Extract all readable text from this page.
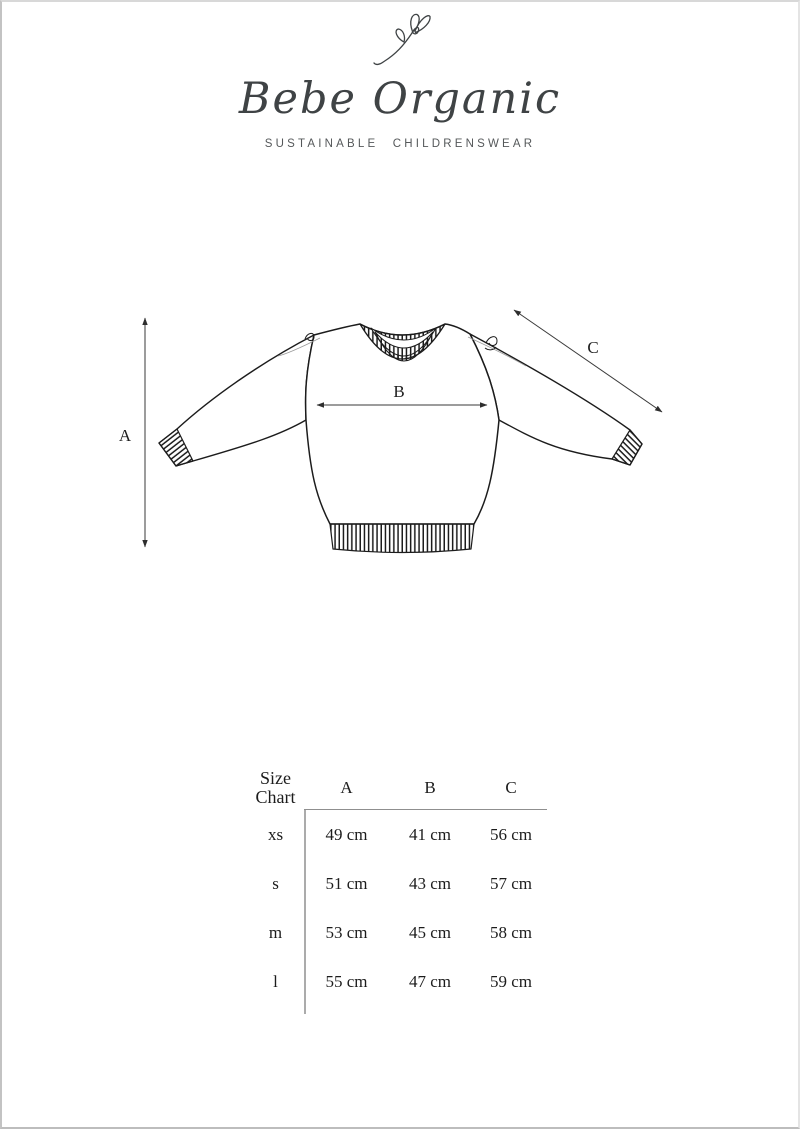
Bebe Organic
SUSTAINABLE CHILDRENSWEAR
A
B
C
Size Chart	A	B	C
xs	49 cm	41 cm	56 cm
s	51 cm	43 cm	57 cm
m	53 cm	45 cm	58 cm
l	55 cm	47 cm	59 cm
